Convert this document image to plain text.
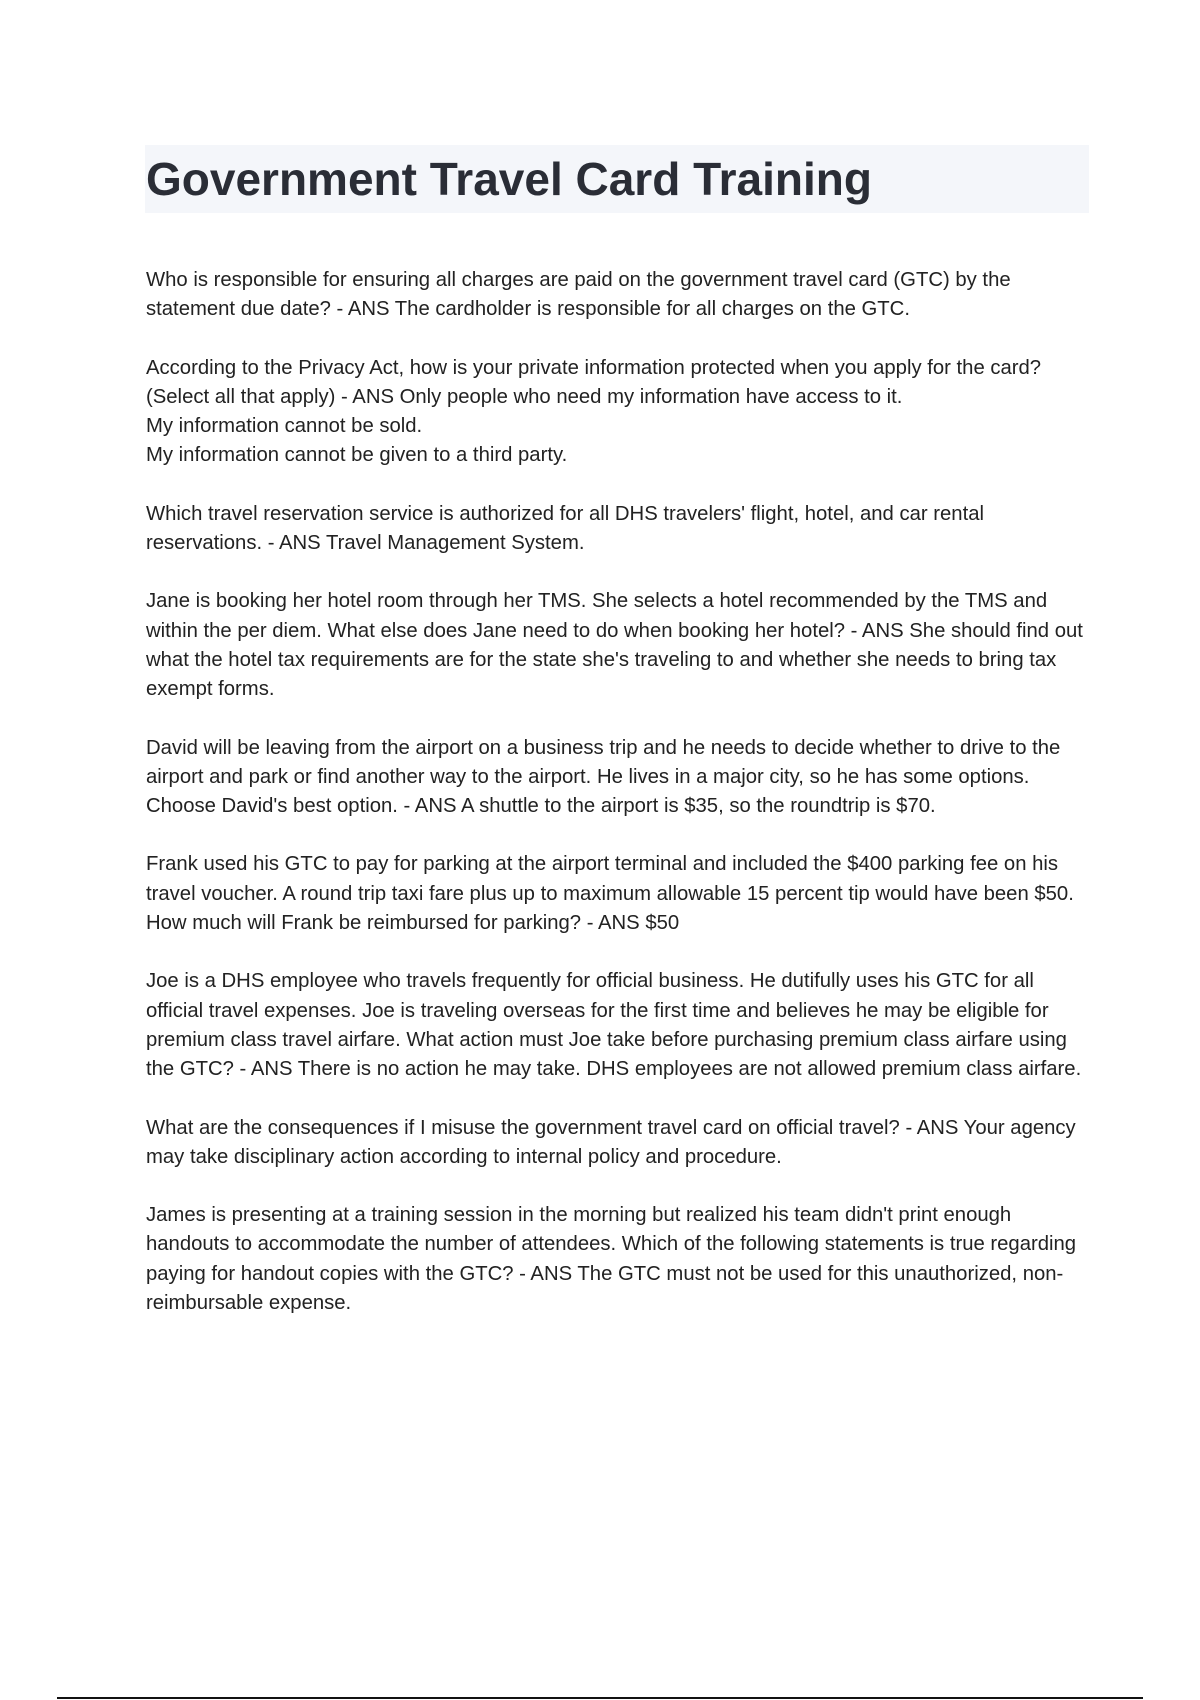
Government Travel Card Training

Who is responsible for ensuring all charges are paid on the government travel card (GTC) by the statement due date? - ANS The cardholder is responsible for all charges on the GTC.

According to the Privacy Act, how is your private information protected when you apply for the card? (Select all that apply) - ANS Only people who need my information have access to it.
My information cannot be sold.
My information cannot be given to a third party.

Which travel reservation service is authorized for all DHS travelers' flight, hotel, and car rental reservations. - ANS Travel Management System.

Jane is booking her hotel room through her TMS. She selects a hotel recommended by the TMS and within the per diem. What else does Jane need to do when booking her hotel? - ANS She should find out what the hotel tax requirements are for the state she's traveling to and whether she needs to bring tax exempt forms.

David will be leaving from the airport on a business trip and he needs to decide whether to drive to the airport and park or find another way to the airport. He lives in a major city, so he has some options. Choose David's best option. - ANS A shuttle to the airport is $35, so the roundtrip is $70.

Frank used his GTC to pay for parking at the airport terminal and included the $400 parking fee on his travel voucher. A round trip taxi fare plus up to maximum allowable 15 percent tip would have been $50. How much will Frank be reimbursed for parking? - ANS $50

Joe is a DHS employee who travels frequently for official business. He dutifully uses his GTC for all official travel expenses. Joe is traveling overseas for the first time and believes he may be eligible for premium class travel airfare. What action must Joe take before purchasing premium class airfare using the GTC? - ANS There is no action he may take. DHS employees are not allowed premium class airfare.

What are the consequences if I misuse the government travel card on official travel? - ANS Your agency may take disciplinary action according to internal policy and procedure.

James is presenting at a training session in the morning but realized his team didn't print enough handouts to accommodate the number of attendees. Which of the following statements is true regarding paying for handout copies with the GTC? - ANS The GTC must not be used for this unauthorized, non-reimbursable expense.
